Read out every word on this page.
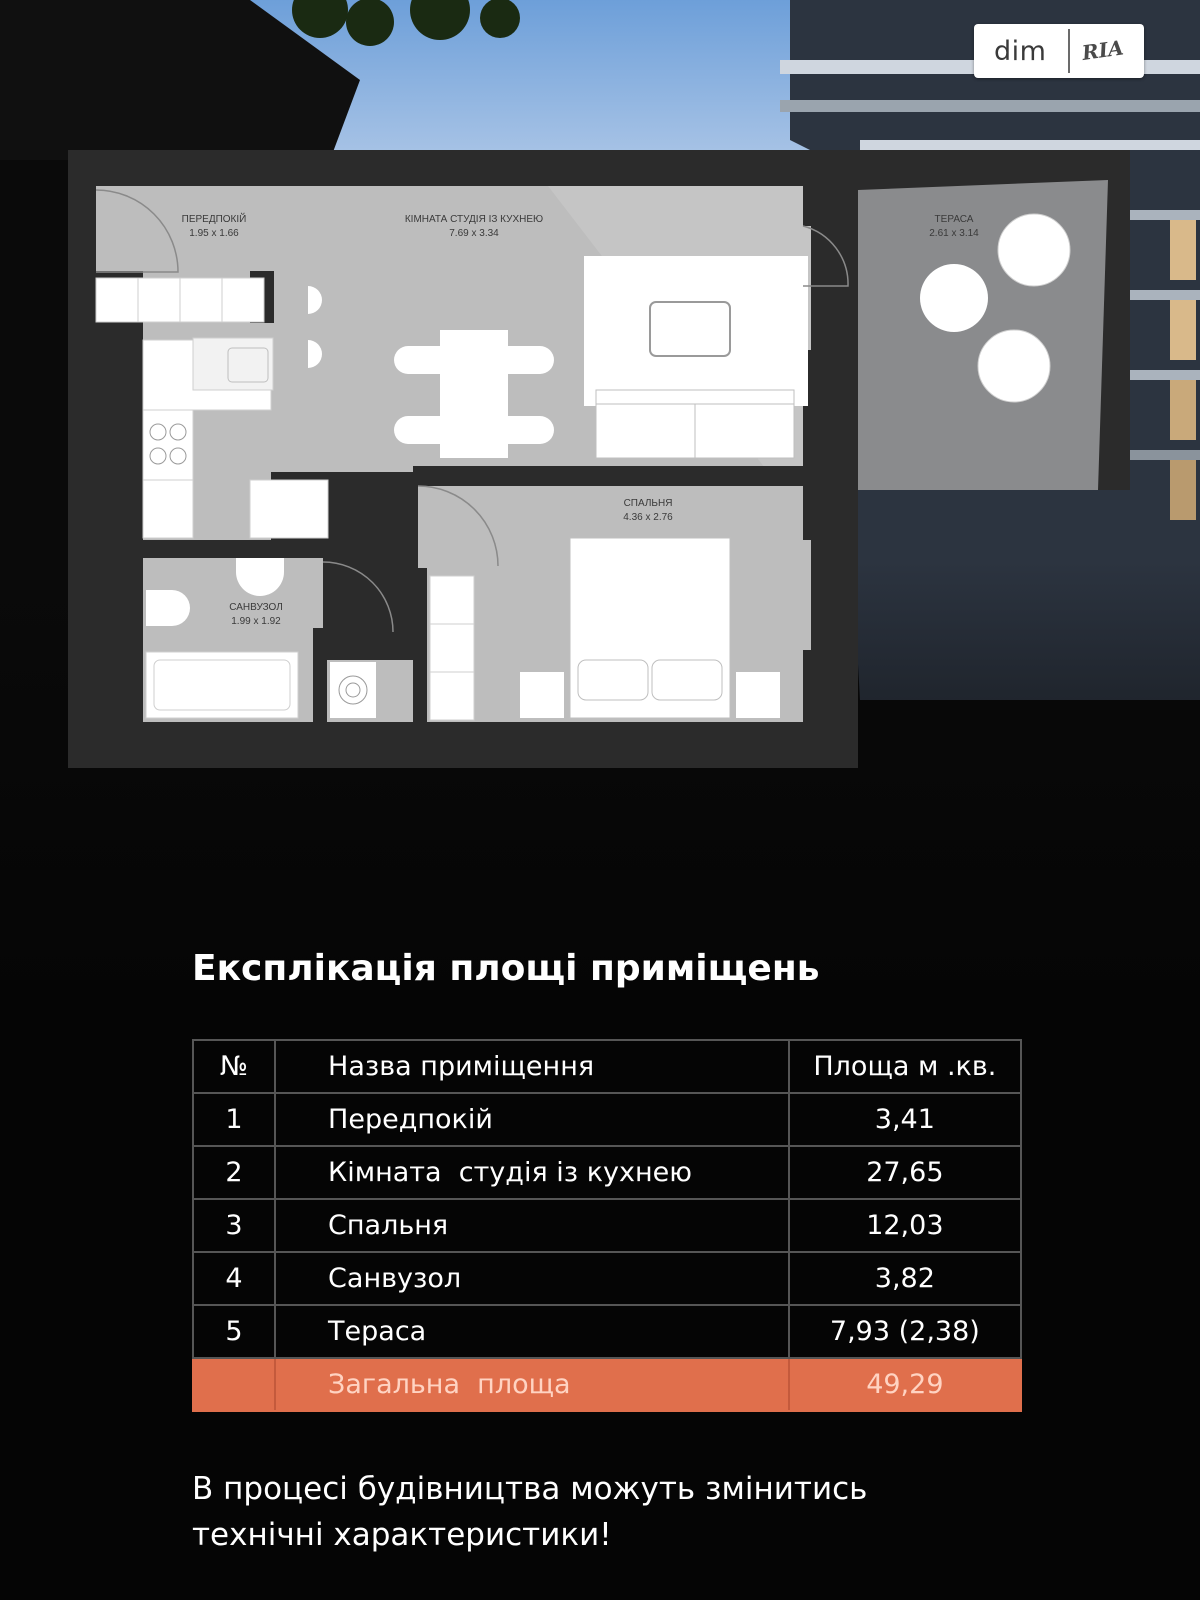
dim	RIA
ПЕРЕДПОКІЙ
1.95 x 1.66
КІМНАТА СТУДІЯ ІЗ КУХНЕЮ
7.69 x 3.34
ТЕРАСА
2.61 x 3.14
СПАЛЬНЯ
4.36 x 2.76
САНВУЗОЛ
1.99 x 1.92
Експлікація площі приміщень
№	Назва приміщення	Площа м .кв.
1	Передпокій	3,41
2	Кімната  студія із кухнею	27,65
3	Спальня	12,03
4	Санвузол	3,82
5	Тераса	7,93 (2,38)
	Загальна  площа	49,29

В процесі будівництва можуть змінитись
технічні характеристики!
